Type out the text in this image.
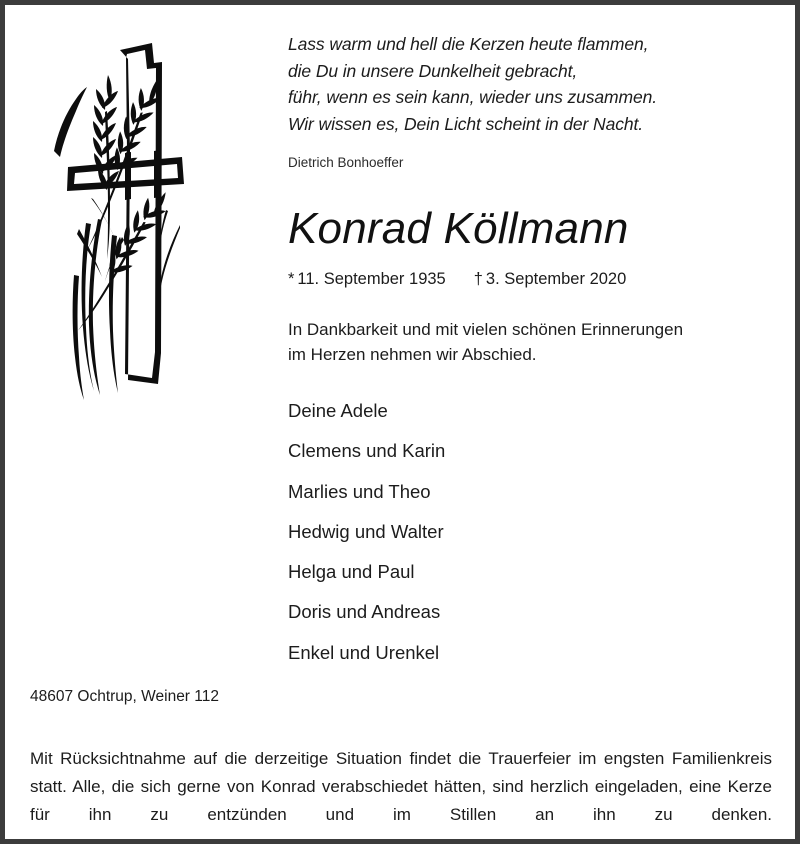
Lass warm und hell die Kerzen heute flammen,
die Du in unsere Dunkelheit gebracht,
führ, wenn es sein kann, wieder uns zusammen.
Wir wissen es, Dein Licht scheint in der Nacht.
Dietrich Bonhoeffer
Konrad Köllmann
* 11. September 1935 † 3. September 2020
In Dankbarkeit und mit vielen schönen Erinnerungen
im Herzen nehmen wir Abschied.
Deine Adele
Clemens und Karin
Marlies und Theo
Hedwig und Walter
Helga und Paul
Doris und Andreas
Enkel und Urenkel
48607 Ochtrup, Weiner 112
Mit Rücksichtnahme auf die derzeitige Situation findet die Trauerfeier im engsten Familienkreis statt. Alle, die sich gerne von Konrad verabschiedet hätten, sind herzlich eingeladen, eine Kerze für ihn zu entzünden und im Stillen an ihn zu denken.
